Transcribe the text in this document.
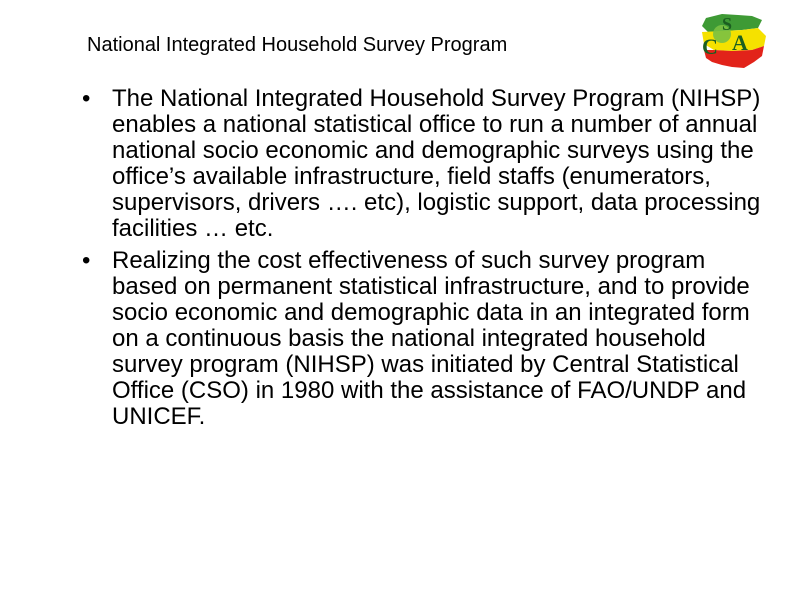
National Integrated Household Survey Program
S
C A
• The National Integrated Household Survey Program (NIHSP) enables a national statistical office to run a number of annual national socio economic and demographic surveys using the office’s available infrastructure, field staffs (enumerators, supervisors, drivers …. etc), logistic support, data processing facilities … etc.
• Realizing the cost effectiveness of such survey program based on permanent statistical infrastructure, and to provide socio economic and demographic data in an integrated form on a continuous basis the national integrated household survey program (NIHSP) was initiated by Central Statistical Office (CSO) in 1980 with the assistance of FAO/UNDP and UNICEF.
